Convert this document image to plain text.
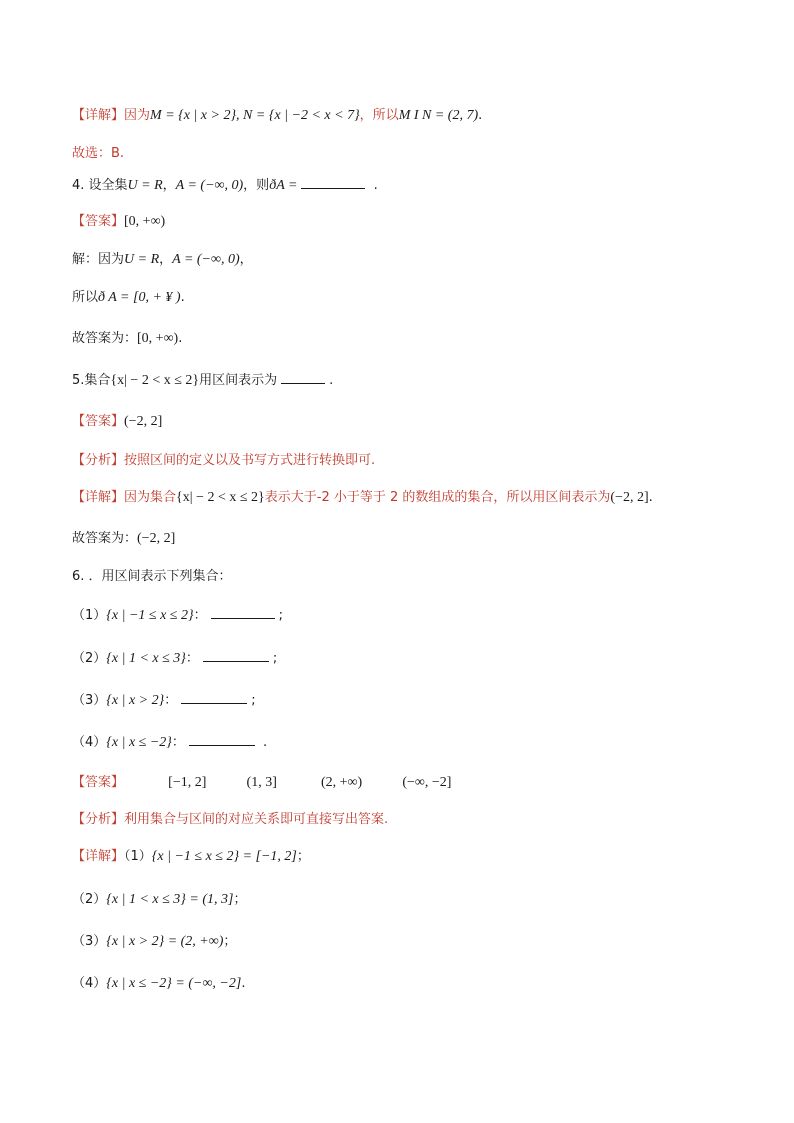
【详解】因为M = {x | x > 2}, N = {x | −2 < x < 7}，所以M I N = (2, 7).
故选：B.
4. 设全集U = R，A = (−∞, 0)，则ðA =	.
【答案】[0, +∞)
解：因为U = R，A = (−∞, 0)，
所以ð A = [0, + ¥ ).
故答案为：[0, +∞).
5.集合{x| − 2 < x ≤ 2}用区间表示为	.
【答案】(−2, 2]
【分析】按照区间的定义以及书写方式进行转换即可.
【详解】因为集合{x| − 2 < x ≤ 2}表示大于-2 小于等于 2 的数组成的集合，所以用区间表示为(−2, 2].
故答案为：(−2, 2]
6. ．用区间表示下列集合：
（1）{x | −1 ≤ x ≤ 2}：	;
（2）{x | 1 < x ≤ 3}：	;
（3）{x | x > 2}：	;
（4）{x | x ≤ −2}：	.
【分析】利用集合与区间的对应关系即可直接写出答案.
【详解】（1）{x | −1 ≤ x ≤ 2} = [−1, 2]；
（2）{x | 1 < x ≤ 3} = (1, 3]；
（3）{x | x > 2} = (2, +∞)；
（4）{x | x ≤ −2} = (−∞, −2].
【答案】	[−1, 2]	(1, 3]	(2, +∞)	(−∞, −2]
